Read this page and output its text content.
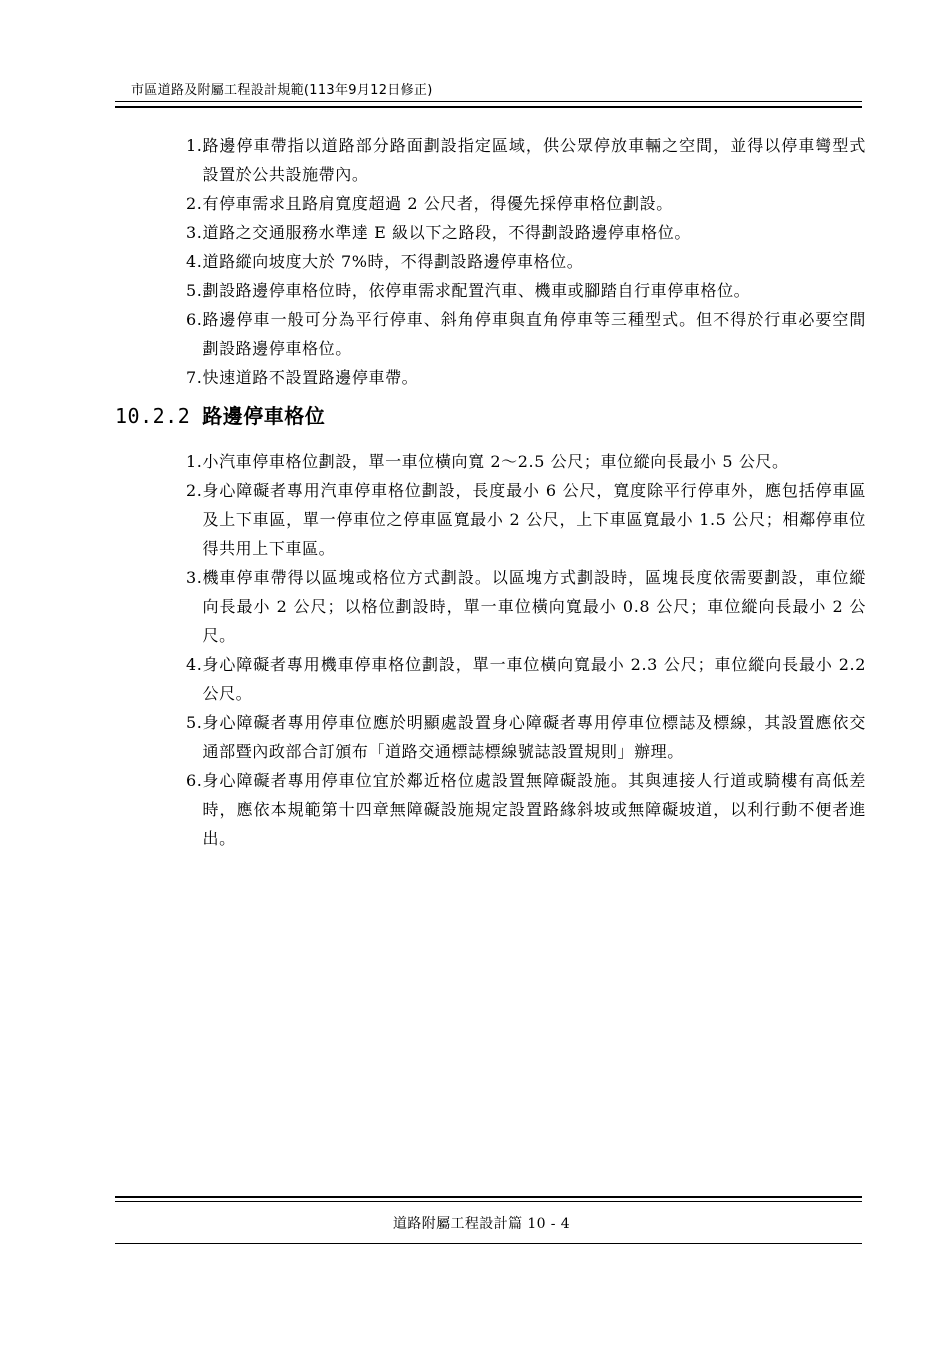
市區道路及附屬工程設計規範(113年9月12日修正)
1. 路邊停車帶指以道路部分路面劃設指定區域，供公眾停放車輛之空間，並得以停車彎型式設置於公共設施帶內。
2. 有停車需求且路肩寬度超過 2 公尺者，得優先採停車格位劃設。
3. 道路之交通服務水準達 E 級以下之路段，不得劃設路邊停車格位。
4. 道路縱向坡度大於 7%時，不得劃設路邊停車格位。
5. 劃設路邊停車格位時，依停車需求配置汽車、機車或腳踏自行車停車格位。
6. 路邊停車一般可分為平行停車、斜角停車與直角停車等三種型式。但不得於行車必要空間劃設路邊停車格位。
7. 快速道路不設置路邊停車帶。
10.2.2 路邊停車格位
1. 小汽車停車格位劃設，單一車位橫向寬 2～2.5 公尺；車位縱向長最小 5 公尺。
2. 身心障礙者專用汽車停車格位劃設，長度最小 6 公尺，寬度除平行停車外，應包括停車區及上下車區，單一停車位之停車區寬最小 2 公尺，上下車區寬最小 1.5 公尺；相鄰停車位得共用上下車區。
3. 機車停車帶得以區塊或格位方式劃設。以區塊方式劃設時，區塊長度依需要劃設，車位縱向長最小 2 公尺；以格位劃設時，單一車位橫向寬最小 0.8 公尺；車位縱向長最小 2 公尺。
4. 身心障礙者專用機車停車格位劃設，單一車位橫向寬最小 2.3 公尺；車位縱向長最小 2.2 公尺。
5. 身心障礙者專用停車位應於明顯處設置身心障礙者專用停車位標誌及標線，其設置應依交通部暨內政部合訂頒布「道路交通標誌標線號誌設置規則」辦理。
6. 身心障礙者專用停車位宜於鄰近格位處設置無障礙設施。其與連接人行道或騎樓有高低差時，應依本規範第十四章無障礙設施規定設置路緣斜坡或無障礙坡道，以利行動不便者進出。
道路附屬工程設計篇 10 - 4
